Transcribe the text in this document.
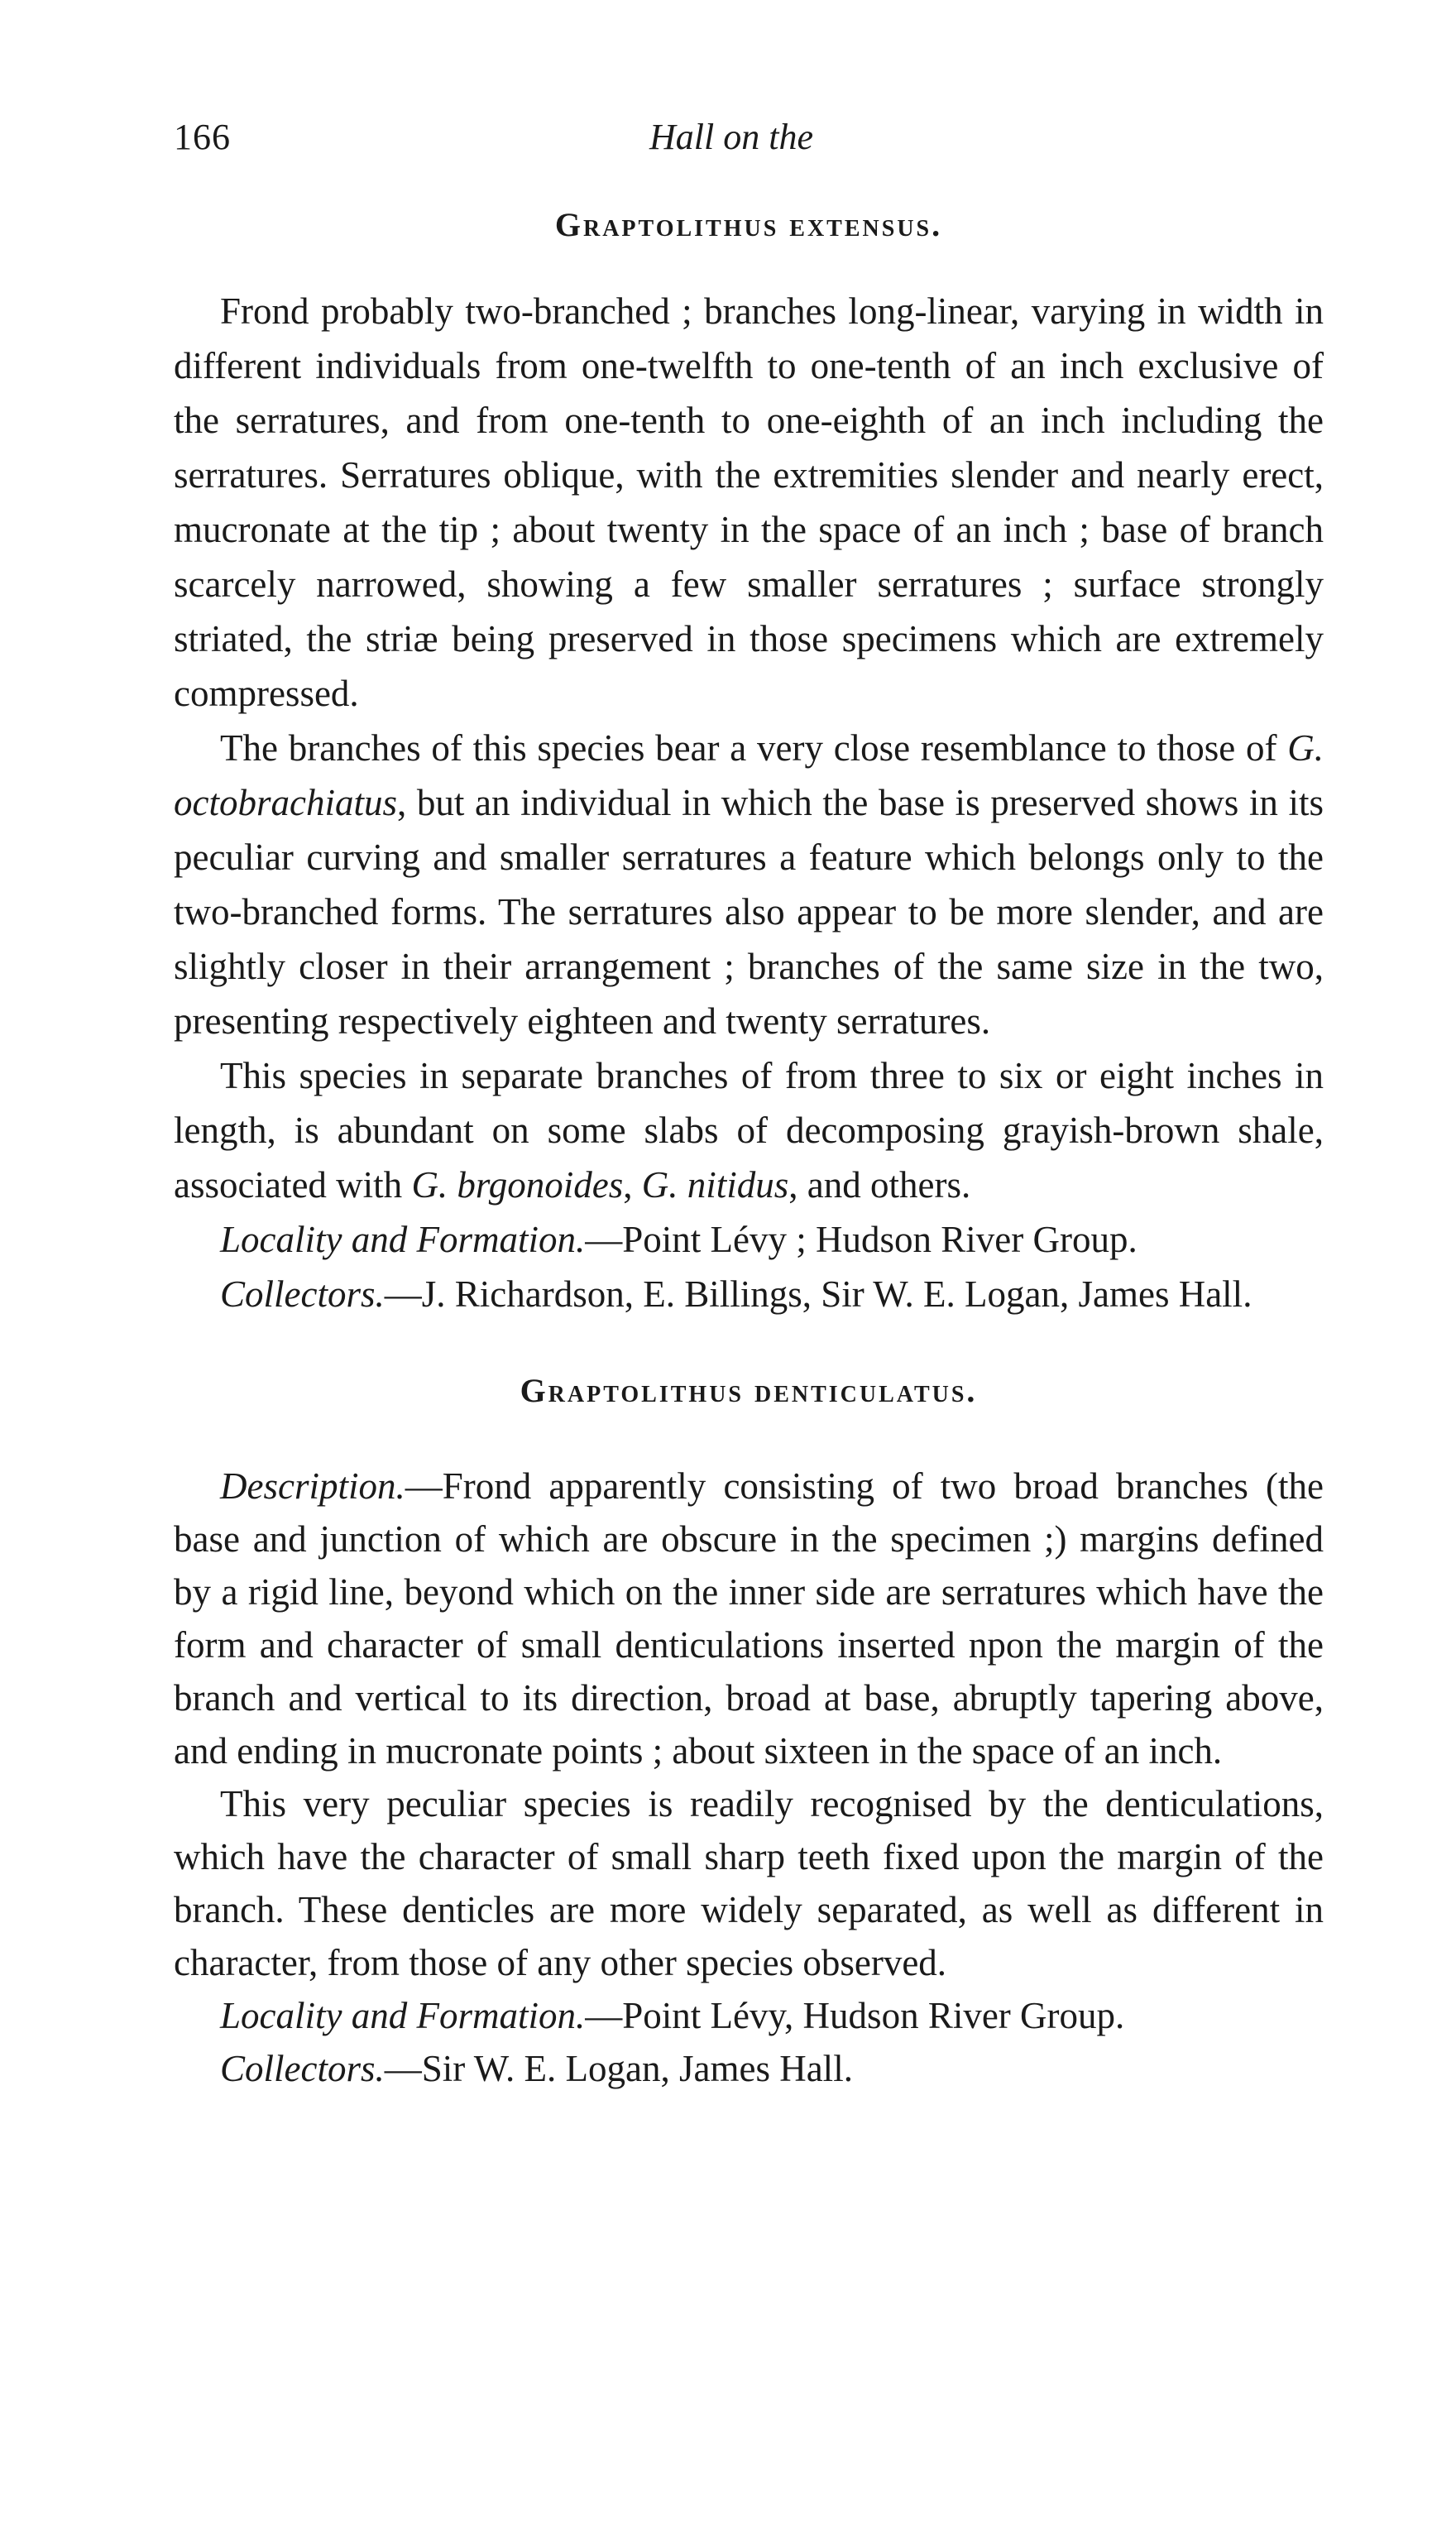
166	Hall on the
Graptolithus extensus.

Frond probably two-branched ; branches long-linear, varying in width in different individuals from one-twelfth to one-tenth of an inch exclusive of the serratures, and from one-tenth to one-eighth of an inch including the serratures. Serratures oblique, with the extremities slender and nearly erect, mucronate at the tip ; about twenty in the space of an inch ; base of branch scarcely narrowed, showing a few smaller serratures ; surface strongly striated, the striæ being preserved in those specimens which are extremely compressed.

The branches of this species bear a very close resemblance to those of G. octobrachiatus, but an individual in which the base is preserved shows in its peculiar curving and smaller serratures a feature which belongs only to the two-branched forms. The serratures also appear to be more slender, and are slightly closer in their arrangement ; branches of the same size in the two, presenting respectively eighteen and twenty serratures.

This species in separate branches of from three to six or eight inches in length, is abundant on some slabs of decomposing grayish-brown shale, associated with G. brgonoides, G. nitidus, and others.

Locality and Formation.—Point Lévy ; Hudson River Group.

Collectors.—J. Richardson, E. Billings, Sir W. E. Logan, James Hall.

Graptolithus denticulatus.

Description.—Frond apparently consisting of two broad branches (the base and junction of which are obscure in the specimen ;) margins defined by a rigid line, beyond which on the inner side are serratures which have the form and character of small denticulations inserted npon the margin of the branch and vertical to its direction, broad at base, abruptly tapering above, and ending in mucronate points ; about sixteen in the space of an inch.

This very peculiar species is readily recognised by the denticulations, which have the character of small sharp teeth fixed upon the margin of the branch. These denticles are more widely separated, as well as different in character, from those of any other species observed.

Locality and Formation.—Point Lévy, Hudson River Group.

Collectors.—Sir W. E. Logan, James Hall.
